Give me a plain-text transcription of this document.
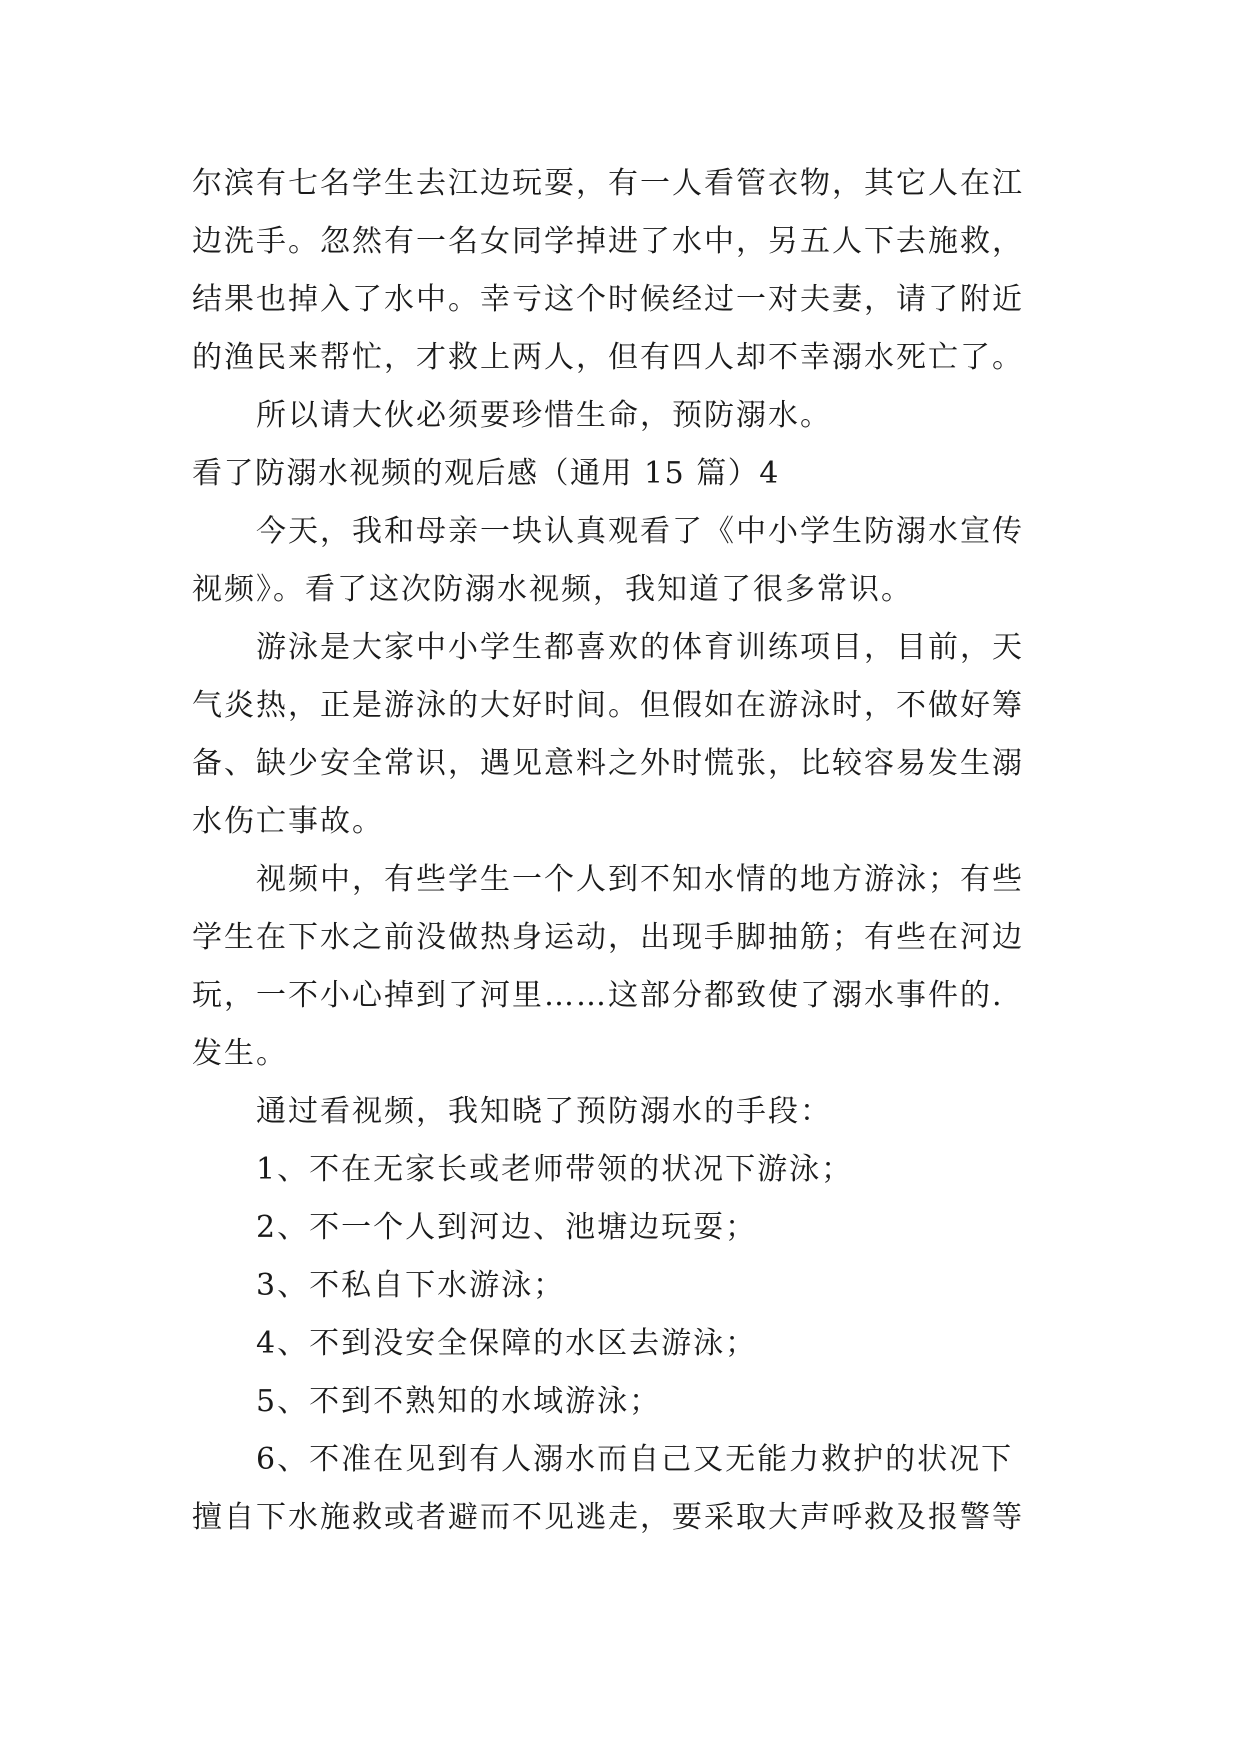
尔滨有七名学生去江边玩耍，有一人看管衣物，其它人在江
边洗手。忽然有一名女同学掉进了水中，另五人下去施救，
结果也掉入了水中。幸亏这个时候经过一对夫妻，请了附近
的渔民来帮忙，才救上两人，但有四人却不幸溺水死亡了。
所以请大伙必须要珍惜生命，预防溺水。
看了防溺水视频的观后感（通用 15 篇）4
今天，我和母亲一块认真观看了《中小学生防溺水宣传
视频》。看了这次防溺水视频，我知道了很多常识。
游泳是大家中小学生都喜欢的体育训练项目，目前，天
气炎热，正是游泳的大好时间。但假如在游泳时，不做好筹
备、缺少安全常识，遇见意料之外时慌张，比较容易发生溺
水伤亡事故。
视频中，有些学生一个人到不知水情的地方游泳；有些
学生在下水之前没做热身运动，出现手脚抽筋；有些在河边
玩，一不小心掉到了河里……这部分都致使了溺水事件的.
发生。
通过看视频，我知晓了预防溺水的手段：
1、不在无家长或老师带领的状况下游泳；
2、不一个人到河边、池塘边玩耍；
3、不私自下水游泳；
4、不到没安全保障的水区去游泳；
5、不到不熟知的水域游泳；
6、不准在见到有人溺水而自己又无能力救护的状况下
擅自下水施救或者避而不见逃走，要采取大声呼救及报警等
